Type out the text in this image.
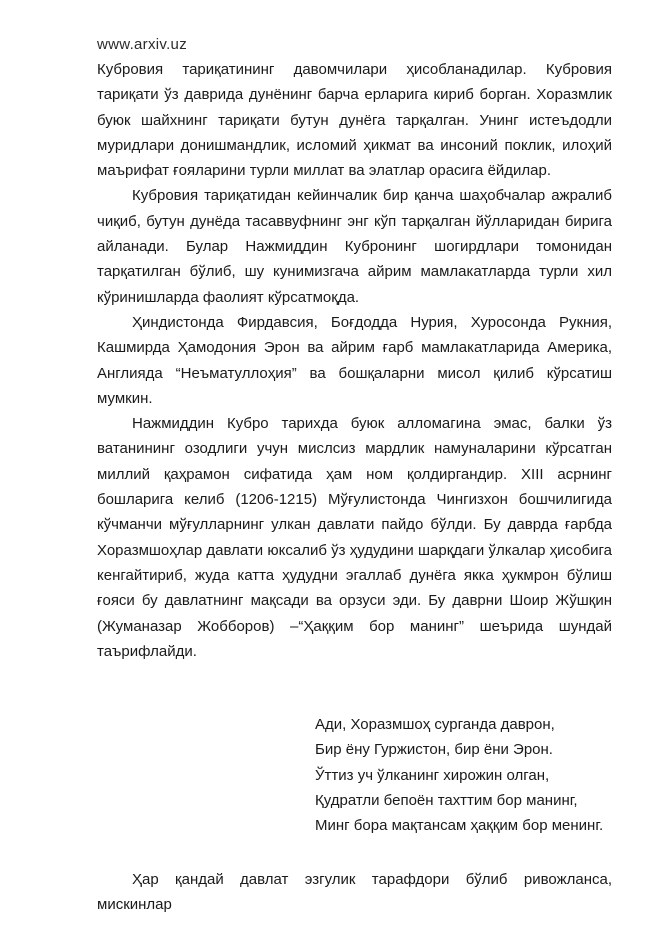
www.arxiv.uz

Кубровия тариқатининг давомчилари ҳисобланадилар. Кубровия тариқати ўз даврида дунёнинг барча ерларига кириб борган. Хоразмлик буюк шайхнинг тариқати бутун дунёга тарқалган. Унинг истеъдодли муридлари донишмандлик, исломий ҳикмат ва инсоний поклик, илоҳий маърифат ғояларини турли миллат ва элатлар орасига ёйдилар.

Кубровия тариқатидан кейинчалик бир қанча шаҳобчалар ажралиб чиқиб, бутун дунёда тасаввуфнинг энг кўп тарқалган йўлларидан бирига айланади. Булар Нажмиддин Кубронинг шогирдлари томонидан тарқатилган бўлиб, шу кунимизгача айрим мамлакатларда турли хил кўринишларда фаолият кўрсатмоқда.

Ҳиндистонда Фирдавсия, Боғдодда Нурия, Хуросонда Рукния, Кашмирда Ҳамодония Эрон ва айрим ғарб мамлакатларида Америка, Англияда “Неъматуллоҳия” ва бошқаларни мисол қилиб кўрсатиш мумкин.

Нажмиддин Кубро тарихда буюк алломагина эмас, балки ўз ватанининг озодлиги учун мислсиз мардлик намуналарини кўрсатган миллий қаҳрамон сифатида ҳам ном қолдиргандир. XIII асрнинг бошларига келиб (1206-1215) Мўғулистонда Чингизхон бошчилигида кўчманчи мўғулларнинг улкан давлати пайдо бўлди. Бу даврда ғарбда Хоразмшоҳлар давлати юксалиб ўз ҳудудини шарқдаги ўлкалар ҳисобига кенгайтириб, жуда катта ҳудудни эгаллаб дунёга якка ҳукмрон бўлиш ғояси бу давлатнинг мақсади ва орзуси эди. Бу даврни Шоир Жўшқин (Жуманазар Жобборов) –“Ҳаққим бор манинг” шеърида шундай таърифлайди.

Ади, Хоразмшоҳ сурганда даврон,
Бир ёну Гуржистон, бир ёни Эрон.
Ўттиз уч ўлканинг хирожин олган,
Қудратли бепоён тахттим бор манинг,
Минг бора мақтансам ҳаққим бор менинг.

Ҳар қандай давлат эзгулик тарафдори бўлиб ривожланса, мискинлар
